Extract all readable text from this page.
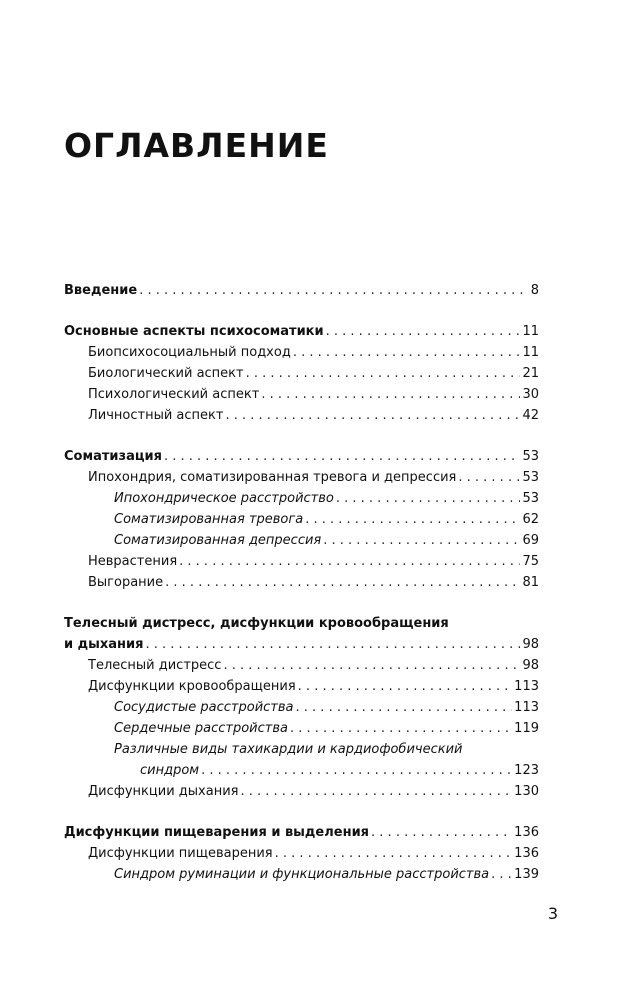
ОГЛАВЛЕНИЕ
Введение . . .	8
Основные аспекты психосоматики . . .	11
Биопсихосоциальный подход . . .	11
Биологический аспект . . .	21
Психологический аспект . . .	30
Личностный аспект . . .	42
Соматизация . . .	53
Ипохондрия, соматизированная тревога и депрессия . . .	53
Ипохондрическое расстройство . . .	53
Соматизированная тревога . . .	62
Соматизированная депрессия . . .	69
Неврастения . . .	75
Выгорание . . .	81
Телесный дистресс, дисфункции кровообращения
и дыхания . . .	98
Телесный дистресс . . .	98
Дисфункции кровообращения . . .	113
Сосудистые расстройства . . .	113
Сердечные расстройства . . .	119
Различные виды тахикардии и кардиофобический
синдром . . .	123
Дисфункции дыхания . . .	130
Дисфункции пищеварения и выделения . . .	136
Дисфункции пищеварения . . .	136
Синдром руминации и функциональные расстройства . . . 139
3
